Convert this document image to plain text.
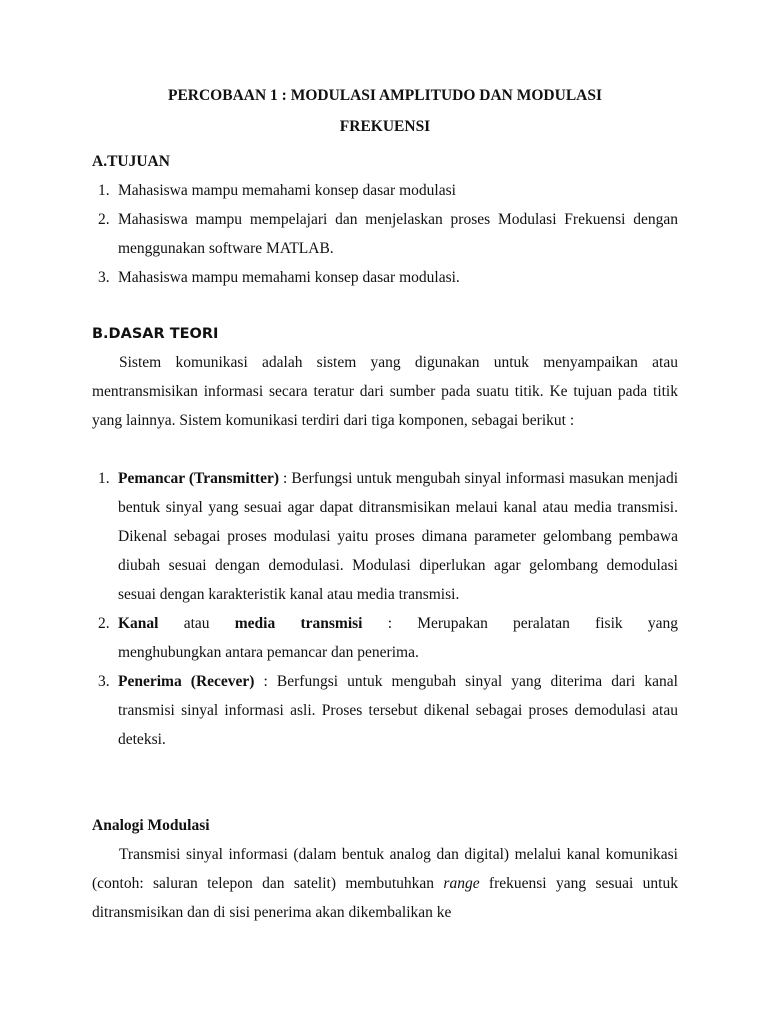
PERCOBAAN 1 : MODULASI AMPLITUDO DAN MODULASI
FREKUENSI
A.TUJUAN
1. Mahasiswa mampu memahami konsep dasar modulasi
2. Mahasiswa mampu mempelajari dan menjelaskan proses Modulasi Frekuensi dengan menggunakan software MATLAB.
3. Mahasiswa mampu memahami konsep dasar modulasi.
B.DASAR TEORI

Sistem komunikasi adalah sistem yang digunakan untuk menyampaikan atau mentransmisikan informasi secara teratur dari sumber pada suatu titik. Ke tujuan pada titik yang lainnya. Sistem komunikasi terdiri dari tiga komponen, sebagai berikut :

1. Pemancar (Transmitter) : Berfungsi untuk mengubah sinyal informasi masukan menjadi bentuk sinyal yang sesuai agar dapat ditransmisikan melaui kanal atau media transmisi. Dikenal sebagai proses modulasi yaitu proses dimana parameter gelombang pembawa diubah sesuai dengan demodulasi. Modulasi diperlukan agar gelombang demodulasi sesuai dengan karakteristik kanal atau media transmisi.
2. Kanal atau media transmisi : Merupakan peralatan fisik yang
menghubungkan antara pemancar dan penerima.
3. Penerima (Recever) : Berfungsi untuk mengubah sinyal yang diterima dari kanal transmisi sinyal informasi asli. Proses tersebut dikenal sebagai proses demodulasi atau deteksi.
Analogi Modulasi

Transmisi sinyal informasi (dalam bentuk analog dan digital) melalui kanal komunikasi (contoh: saluran telepon dan satelit) membutuhkan range frekuensi yang sesuai untuk ditransmisikan dan di sisi penerima akan dikembalikan ke
